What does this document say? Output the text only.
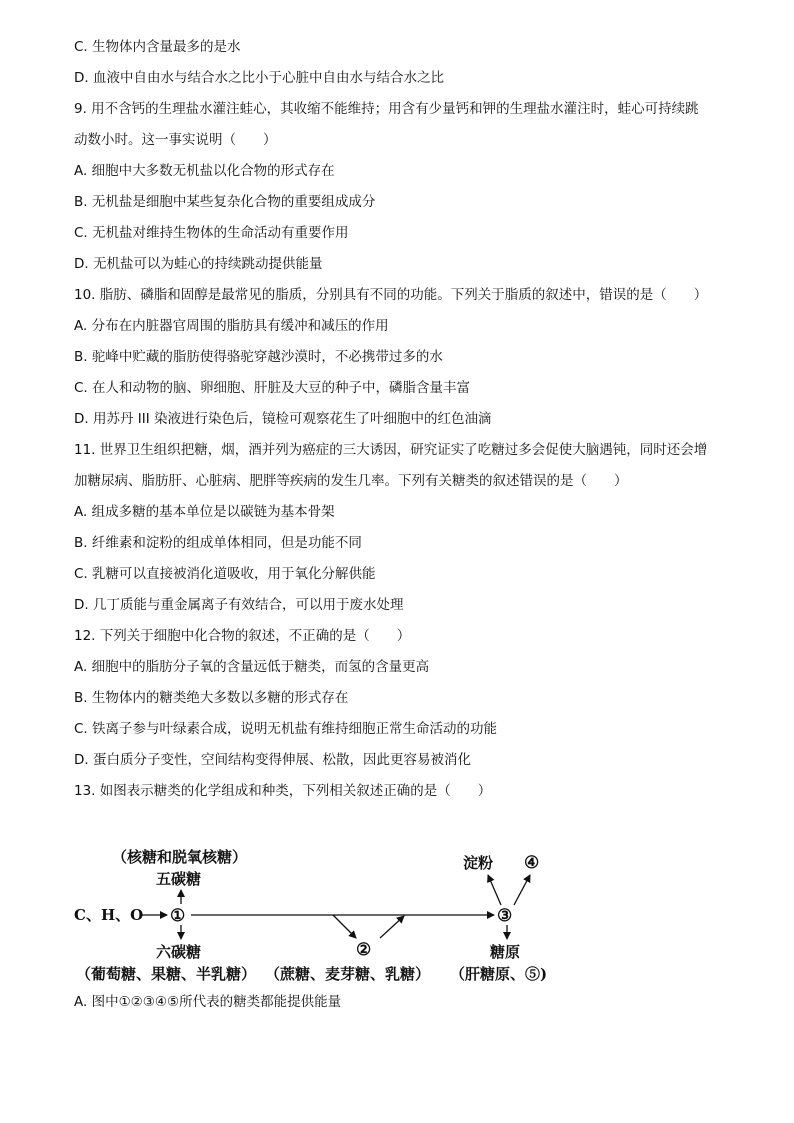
C. 生物体内含量最多的是水
D. 血液中自由水与结合水之比小于心脏中自由水与结合水之比
9. 用不含钙的生理盐水灌注蛙心，其收缩不能维持；用含有少量钙和钾的生理盐水灌注时，蛙心可持续跳
动数小时。这一事实说明（　　）
A. 细胞中大多数无机盐以化合物的形式存在
B. 无机盐是细胞中某些复杂化合物的重要组成成分
C. 无机盐对维持生物体的生命活动有重要作用
D. 无机盐可以为蛙心的持续跳动提供能量
10. 脂肪、磷脂和固醇是最常见的脂质，分别具有不同的功能。下列关于脂质的叙述中，错误的是（　　）
A. 分布在内脏器官周围的脂肪具有缓冲和减压的作用
B. 驼峰中贮藏的脂肪使得骆驼穿越沙漠时，不必携带过多的水
C. 在人和动物的脑、卵细胞、肝脏及大豆的种子中，磷脂含量丰富
D. 用苏丹 III 染液进行染色后，镜检可观察花生了叶细胞中的红色油滴
11. 世界卫生组织把糖，烟，酒并列为癌症的三大诱因，研究证实了吃糖过多会促使大脑遇钝，同时还会增
加糖尿病、脂肪肝、心脏病、肥胖等疾病的发生几率。下列有关糖类的叙述错误的是（　　）
A. 组成多糖的基本单位是以碳链为基本骨架
B. 纤维素和淀粉的组成单体相同，但是功能不同
C. 乳糖可以直接被消化道吸收，用于氧化分解供能
D. 几丁质能与重金属离子有效结合，可以用于废水处理
12. 下列关于细胞中化合物的叙述，不正确的是（　　）
A. 细胞中的脂肪分子氧的含量远低于糖类，而氢的含量更高
B. 生物体内的糖类绝大多数以多糖的形式存在
C. 铁离子参与叶绿素合成，说明无机盐有维持细胞正常生命活动的功能
D. 蛋白质分子变性，空间结构变得伸展、松散，因此更容易被消化
13. 如图表示糖类的化学组成和种类，下列相关叙述正确的是（　　）
（核糖和脱氧核糖）
五碳糖
C、H、O ①
②
③
六碳糖
淀粉 ④
糖原
（葡萄糖、果糖、半乳糖） （蔗糖、麦芽糖、乳糖） （肝糖原、⑤)
A. 图中①②③④⑤所代表的糖类都能提供能量
